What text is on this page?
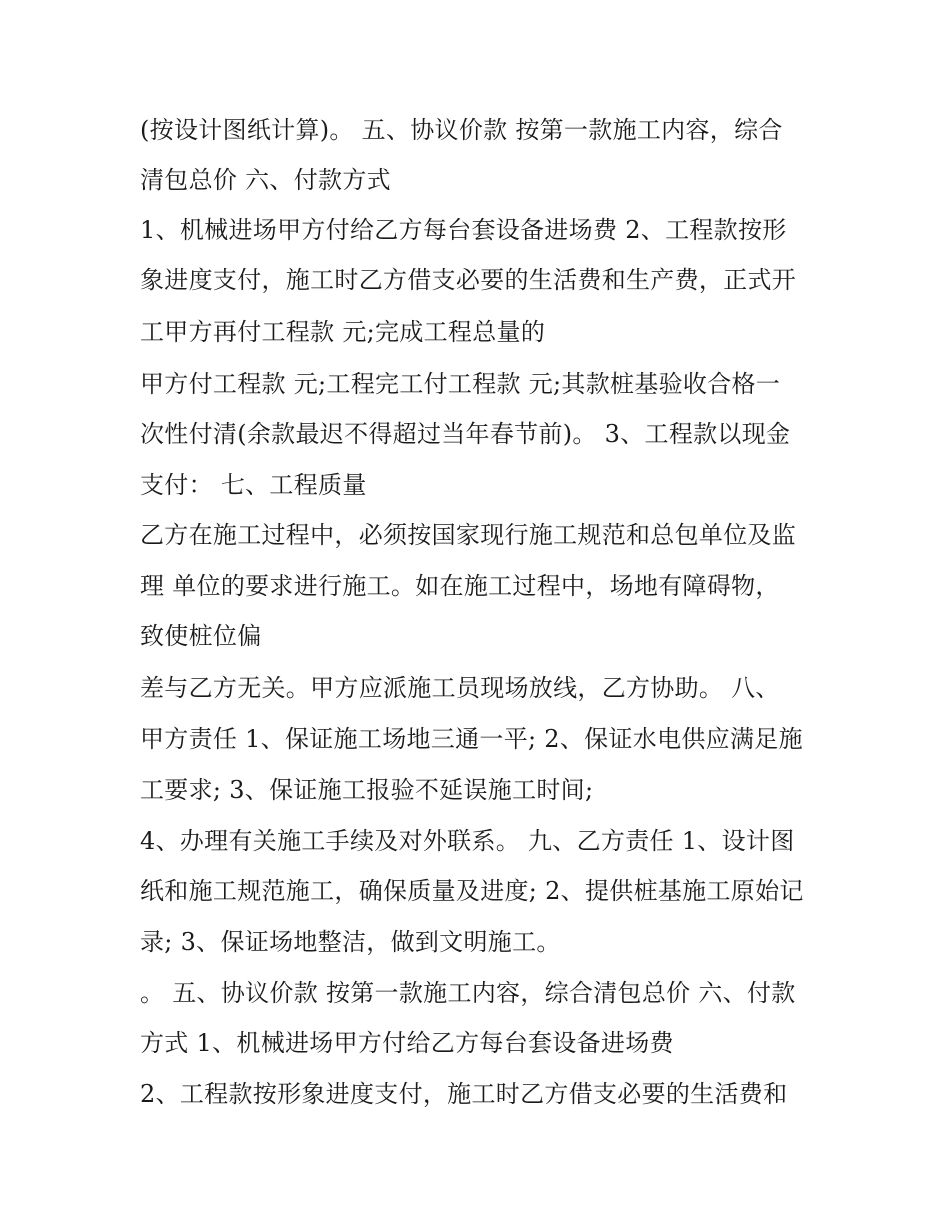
(按设计图纸计算)。 五、协议价款 按第一款施工内容，综合
清包总价 六、付款方式
1、机械进场甲方付给乙方每台套设备进场费 2、工程款按形
象进度支付，施工时乙方借支必要的生活费和生产费，正式开
工甲方再付工程款 元;完成工程总量的
甲方付工程款 元;工程完工付工程款 元;其款桩基验收合格一
次性付清(余款最迟不得超过当年春节前)。 3、工程款以现金
支付： 七、工程质量
乙方在施工过程中，必须按国家现行施工规范和总包单位及监
理 单位的要求进行施工。如在施工过程中，场地有障碍物，
致使桩位偏
差与乙方无关。甲方应派施工员现场放线，乙方协助。 八、
甲方责任 1、保证施工场地三通一平; 2、保证水电供应满足施
工要求; 3、保证施工报验不延误施工时间;
4、办理有关施工手续及对外联系。 九、乙方责任 1、设计图
纸和施工规范施工，确保质量及进度; 2、提供桩基施工原始记
录; 3、保证场地整洁，做到文明施工。
。 五、协议价款 按第一款施工内容，综合清包总价 六、付款
方式 1、机械进场甲方付给乙方每台套设备进场费
2、工程款按形象进度支付，施工时乙方借支必要的生活费和
